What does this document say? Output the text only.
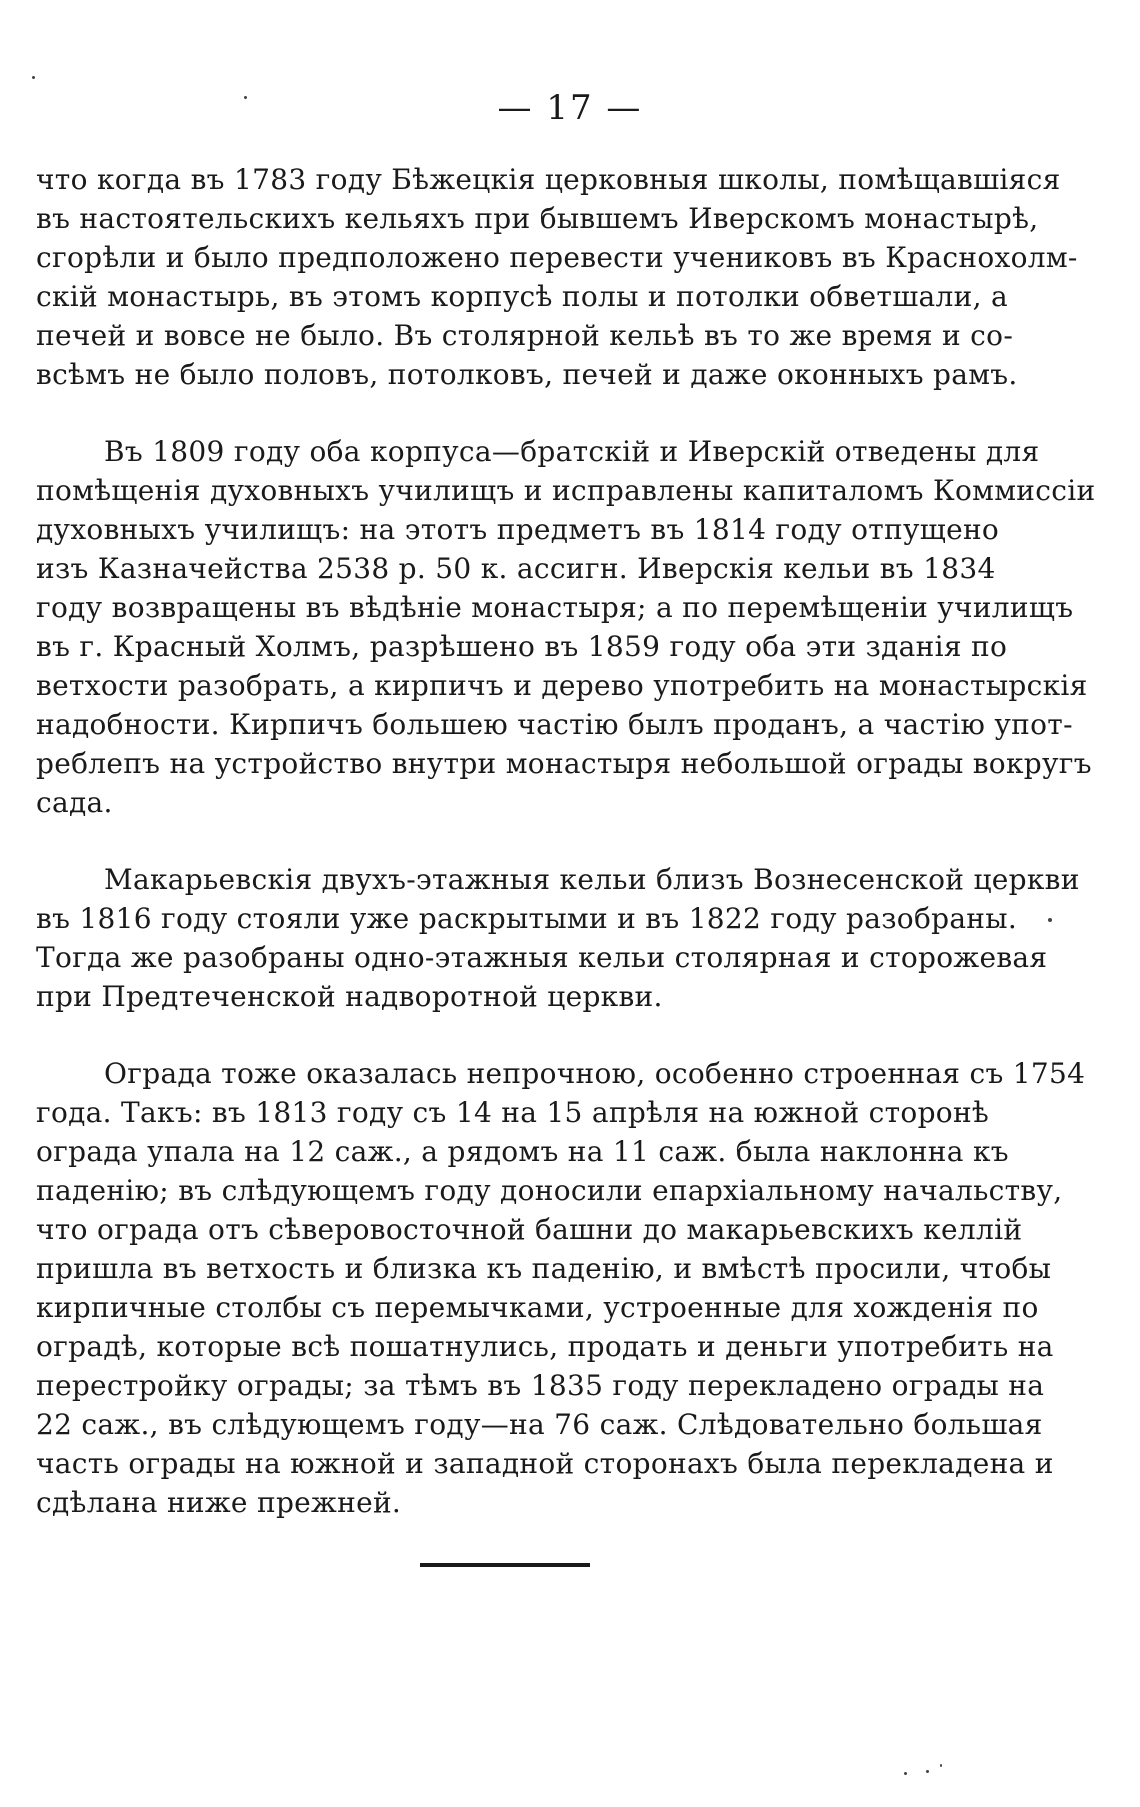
— 17 —
что когда въ 1783 году Бѣжецкія церковныя школы, помѣщавшіяся
въ настоятельскихъ кельяхъ при бывшемъ Иверскомъ монастырѣ,
сгорѣли и было предположено перевести учениковъ въ Краснохолм-
скій монастырь, въ этомъ корпусѣ полы и потолки обветшали, а
печей и вовсе не было. Въ столярной кельѣ въ то же время и со-
всѣмъ не было половъ, потолковъ, печей и даже оконныхъ рамъ.
Въ 1809 году оба корпуса—братскій и Иверскій отведены для
помѣщенія духовныхъ училищъ и исправлены капиталомъ Коммиссіи
духовныхъ училищъ: на этотъ предметъ въ 1814 году отпущено
изъ Казначейства 2538 р. 50 к. ассигн. Иверскія кельи въ 1834
году возвращены въ вѣдѣніе монастыря; а по перемѣщеніи училищъ
въ г. Красный Холмъ, разрѣшено въ 1859 году оба эти зданія по
ветхости разобрать, а кирпичъ и дерево употребить на монастырскія
надобности. Кирпичъ большею частію былъ проданъ, а частію упот-
реблепъ на устройство внутри монастыря небольшой ограды вокругъ
сада.
Макарьевскія двухъ-этажныя кельи близъ Вознесенской церкви
въ 1816 году стояли уже раскрытыми и въ 1822 году разобраны.
Тогда же разобраны одно-этажныя кельи столярная и сторожевая
при Предтеченской надворотной церкви.
Ограда тоже оказалась непрочною, особенно строенная съ 1754
года. Такъ: въ 1813 году съ 14 на 15 апрѣля на южной сторонѣ
ограда упала на 12 саж., а рядомъ на 11 саж. была наклонна къ
паденію; въ слѣдующемъ году доносили епархіальному начальству,
что ограда отъ сѣверовосточной башни до макарьевскихъ келлій
пришла въ ветхость и близка къ паденію, и вмѣстѣ просили, чтобы
кирпичные столбы съ перемычками, устроенные для хожденія по
оградѣ, которые всѣ пошатнулись, продать и деньги употребить на
перестройку ограды; за тѣмъ въ 1835 году перекладено ограды на
22 саж., въ слѣдующемъ году—на 76 саж. Слѣдовательно большая
часть ограды на южной и западной сторонахъ была перекладена и
сдѣлана ниже прежней.
